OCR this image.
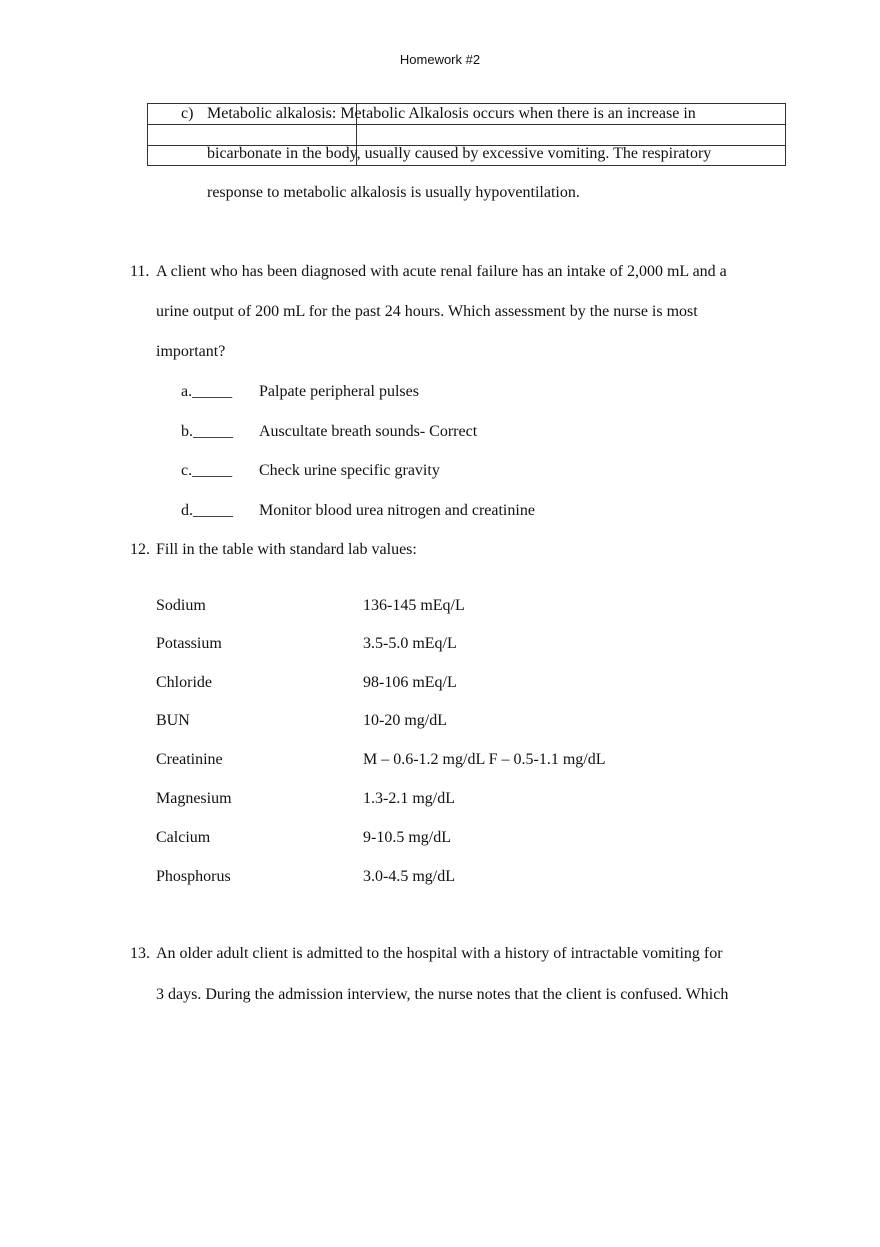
Homework #2
c) Metabolic alkalosis: Metabolic Alkalosis occurs when there is an increase in
bicarbonate in the body, usually caused by excessive vomiting. The respiratory
response to metabolic alkalosis is usually hypoventilation.
11. A client who has been diagnosed with acute renal failure has an intake of 2,000 mL and a
urine output of 200 mL for the past 24 hours. Which assessment by the nurse is most
important?
a._____ Palpate peripheral pulses
b._____ Auscultate breath sounds- Correct
c._____ Check urine specific gravity
d._____ Monitor blood urea nitrogen and creatinine
12. Fill in the table with standard lab values:
Sodium	136-145 mEq/L
Potassium	3.5-5.0 mEq/L
Chloride	98-106 mEq/L
BUN	10-20 mg/dL
Creatinine	M – 0.6-1.2 mg/dL F – 0.5-1.1 mg/dL
Magnesium	1.3-2.1 mg/dL
Calcium	9-10.5 mg/dL
Phosphorus	3.0-4.5 mg/dL
13. An older adult client is admitted to the hospital with a history of intractable vomiting for
3 days. During the admission interview, the nurse notes that the client is confused. Which
